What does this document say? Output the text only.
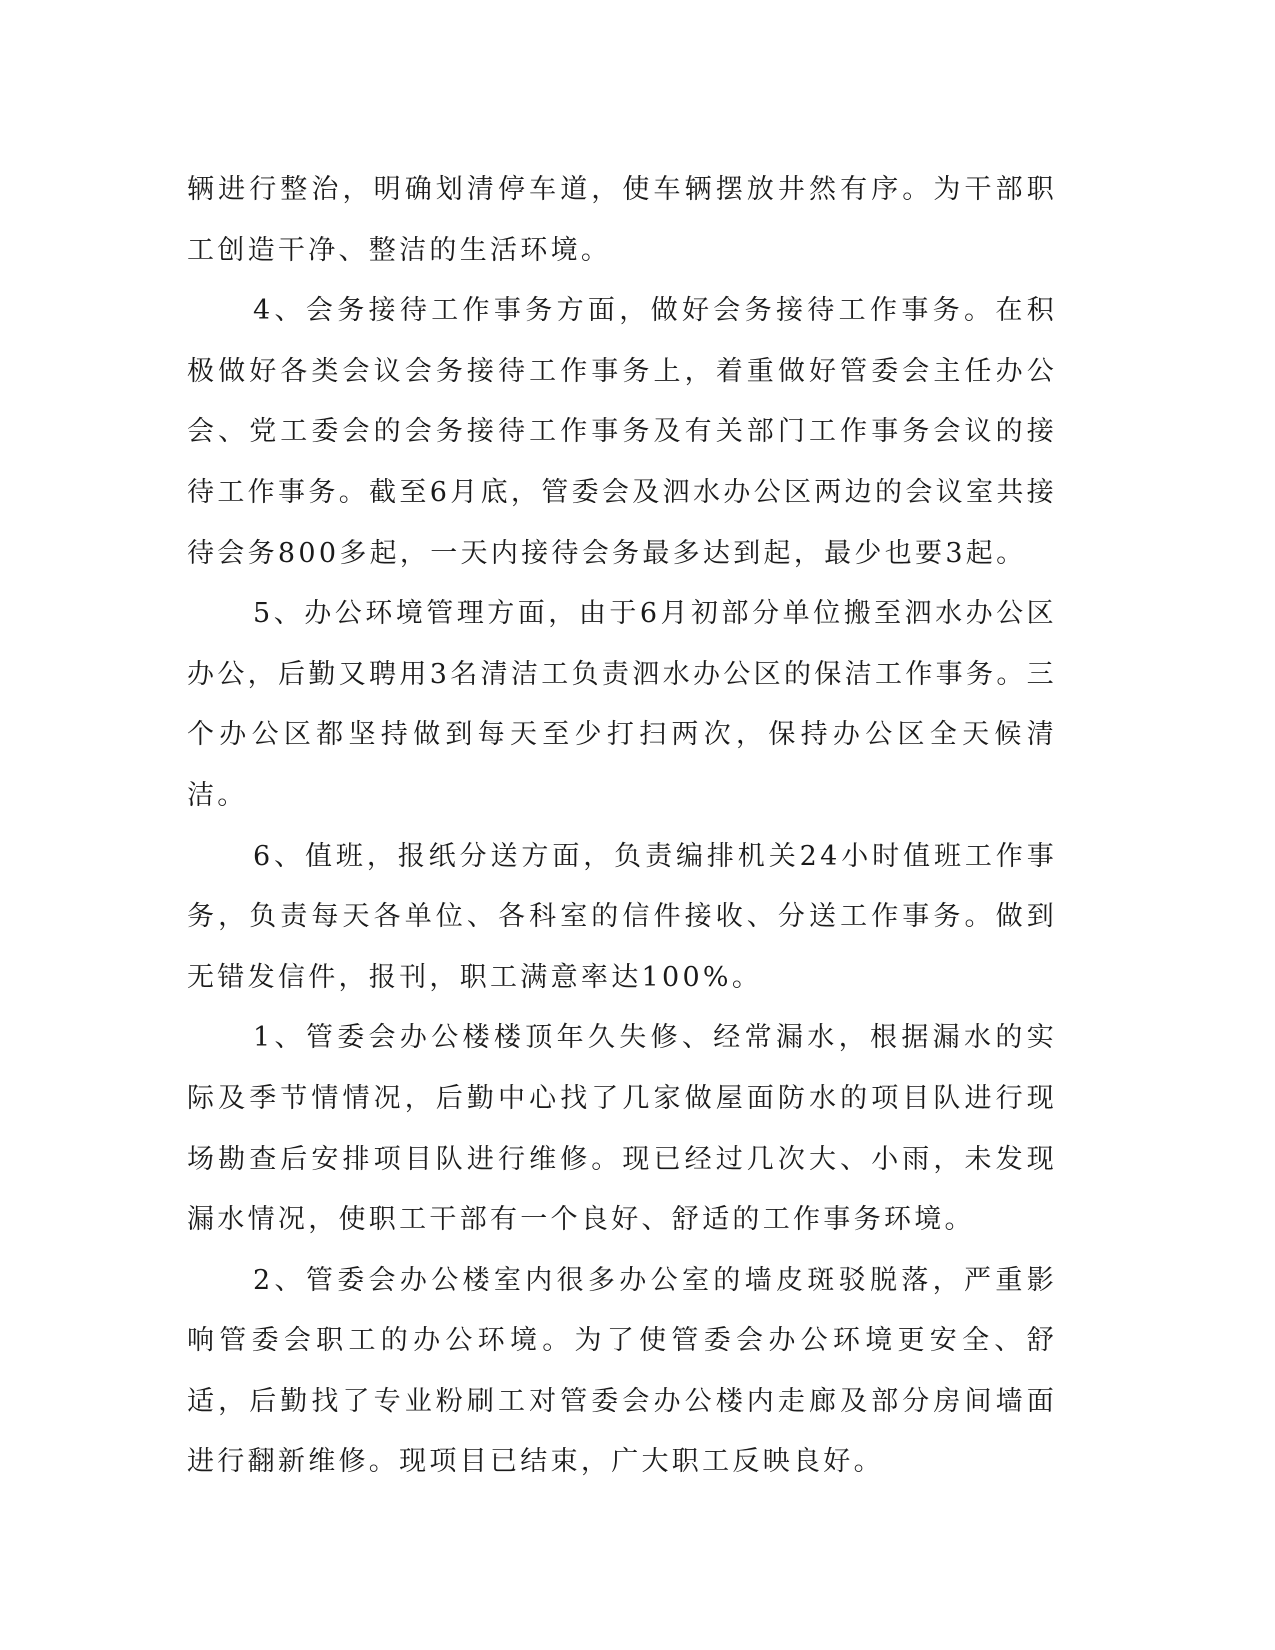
辆进行整治，明确划清停车道，使车辆摆放井然有序。为干部职工创造干净、整洁的生活环境。

4、会务接待工作事务方面，做好会务接待工作事务。在积极做好各类会议会务接待工作事务上，着重做好管委会主任办公会、党工委会的会务接待工作事务及有关部门工作事务会议的接待工作事务。截至6月底，管委会及泗水办公区两边的会议室共接待会务800多起，一天内接待会务最多达到起，最少也要3起。

5、办公环境管理方面，由于6月初部分单位搬至泗水办公区办公，后勤又聘用3名清洁工负责泗水办公区的保洁工作事务。三个办公区都坚持做到每天至少打扫两次，保持办公区全天候清洁。

6、值班，报纸分送方面，负责编排机关24小时值班工作事务，负责每天各单位、各科室的信件接收、分送工作事务。做到无错发信件，报刊，职工满意率达100%。

1、管委会办公楼楼顶年久失修、经常漏水，根据漏水的实际及季节情情况，后勤中心找了几家做屋面防水的项目队进行现场勘查后安排项目队进行维修。现已经过几次大、小雨，未发现漏水情况，使职工干部有一个良好、舒适的工作事务环境。

2、管委会办公楼室内很多办公室的墙皮斑驳脱落，严重影响管委会职工的办公环境。为了使管委会办公环境更安全、舒适，后勤找了专业粉刷工对管委会办公楼内走廊及部分房间墙面进行翻新维修。现项目已结束，广大职工反映良好。
